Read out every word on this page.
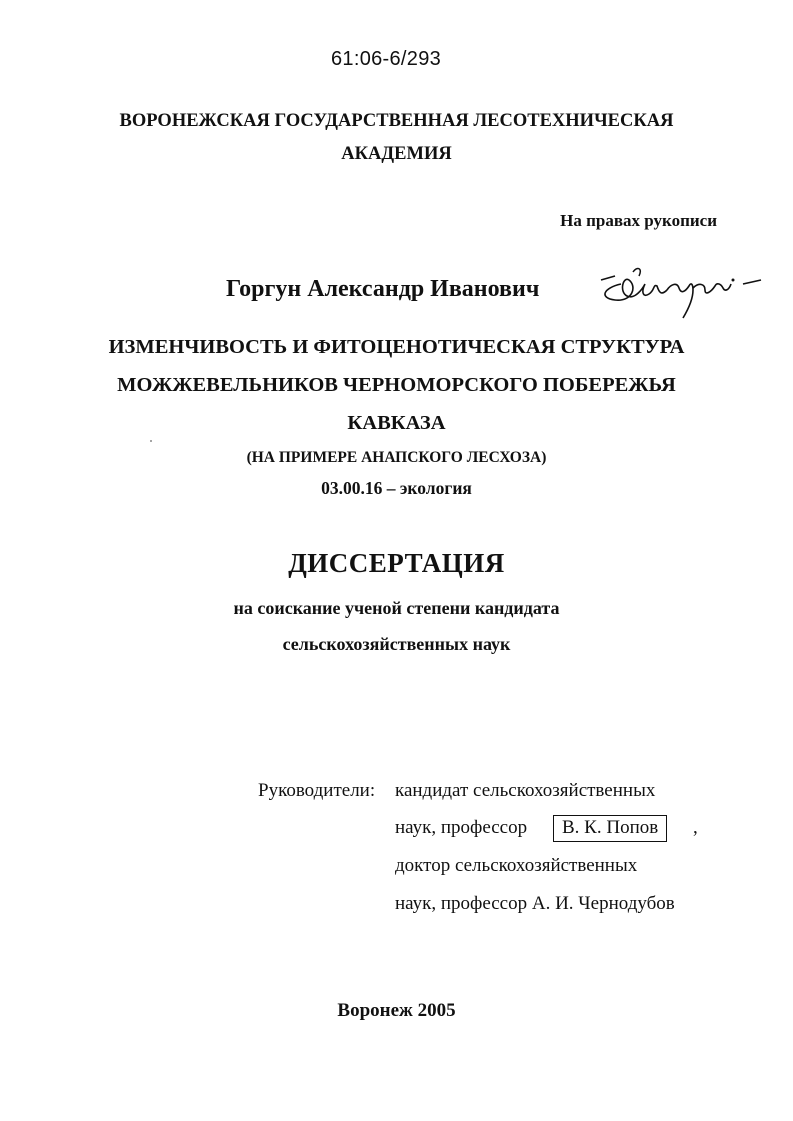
61:06-6/293
ВОРОНЕЖСКАЯ ГОСУДАРСТВЕННАЯ ЛЕСОТЕХНИЧЕСКАЯ
АКАДЕМИЯ
На правах рукописи
Горгун Александр Иванович
Горгун
ИЗМЕНЧИВОСТЬ И ФИТОЦЕНОТИЧЕСКАЯ СТРУКТУРА
МОЖЖЕВЕЛЬНИКОВ ЧЕРНОМОРСКОГО ПОБЕРЕЖЬЯ
КАВКАЗА
(НА ПРИМЕРЕ АНАПСКОГО ЛЕСХОЗА)
03.00.16 – экология
ДИССЕРТАЦИЯ
на соискание ученой степени кандидата
сельскохозяйственных наук
Руководители: кандидат сельскохозяйственных
наук, профессор	В. К. Попов	,
доктор сельскохозяйственных
наук, профессор А. И. Чернодубов
Воронеж 2005
